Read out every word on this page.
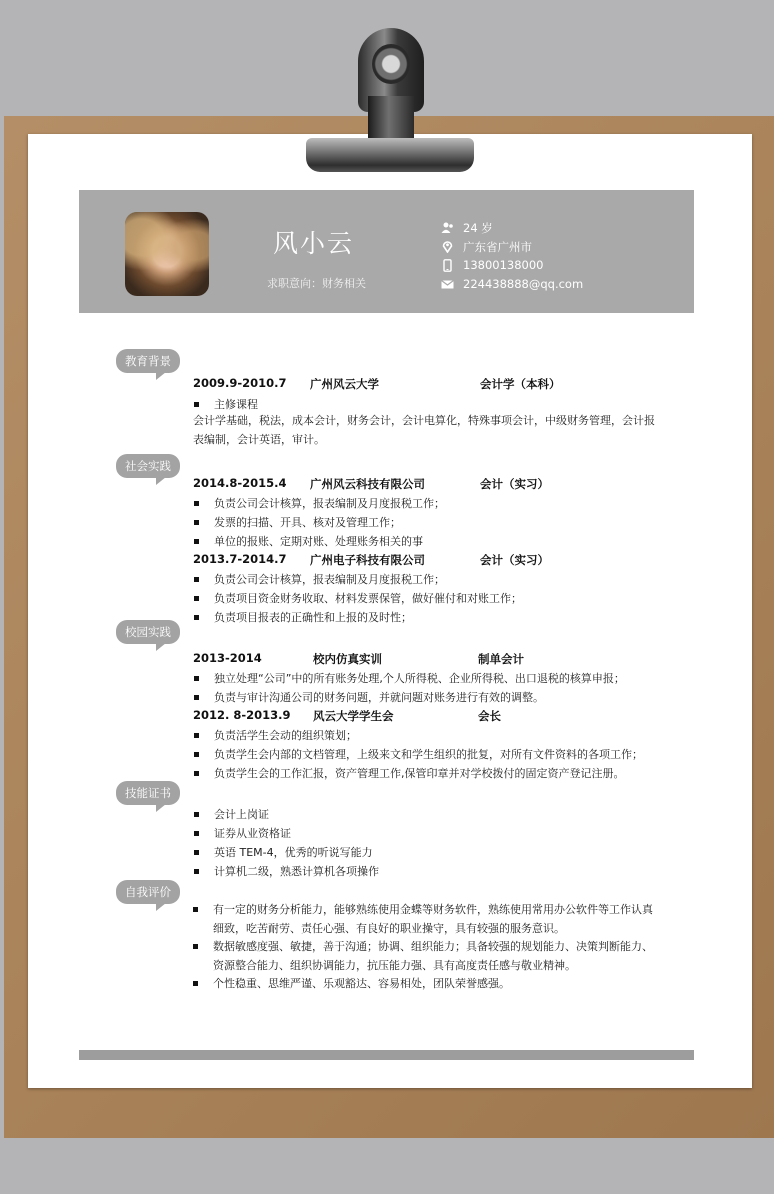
风小云
求职意向：财务相关
24 岁
广东省广州市
13800138000
224438888@qq.com
教育背景
2009.9-2010.7 广州风云大学	会计学（本科）
主修课程
会计学基础，税法，成本会计，财务会计，会计电算化，特殊事项会计，中级财务管理，会计报表编制，会计英语，审计。
社会实践
2014.8-2015.4 广州风云科技有限公司	会计（实习）
负责公司会计核算，报表编制及月度报税工作；
发票的扫描、开具、核对及管理工作；
单位的报账、定期对账、处理账务相关的事
2013.7-2014.7 广州电子科技有限公司	会计（实习）
负责公司会计核算，报表编制及月度报税工作；
负责项目资金财务收取、材料发票保管，做好催付和对账工作；
负责项目报表的正确性和上报的及时性；
校园实践
2013-2014	校内仿真实训	制单会计
独立处理“公司”中的所有账务处理,个人所得税、企业所得税、出口退税的核算申报；
负责与审计沟通公司的财务问题，并就问题对账务进行有效的调整。
2012. 8-2013.9 风云大学学生会	会长
负责活学生会动的组织策划；
负责学生会内部的文档管理，上级来文和学生组织的批复，对所有文件资料的各项工作；
负责学生会的工作汇报，资产管理工作,保管印章并对学校拨付的固定资产登记注册。
技能证书
会计上岗证
证券从业资格证
英语 TEM-4，优秀的听说写能力
计算机二级，熟悉计算机各项操作
自我评价
有一定的财务分析能力，能够熟练使用金蝶等财务软件，熟练使用常用办公软件等工作认真细致，吃苦耐劳、责任心强、有良好的职业操守，具有较强的服务意识。
数据敏感度强、敏捷，善于沟通；协调、组织能力；具备较强的规划能力、决策判断能力、资源整合能力、组织协调能力，抗压能力强、具有高度责任感与敬业精神。
个性稳重、思维严谨、乐观豁达、容易相处，团队荣誉感强。
